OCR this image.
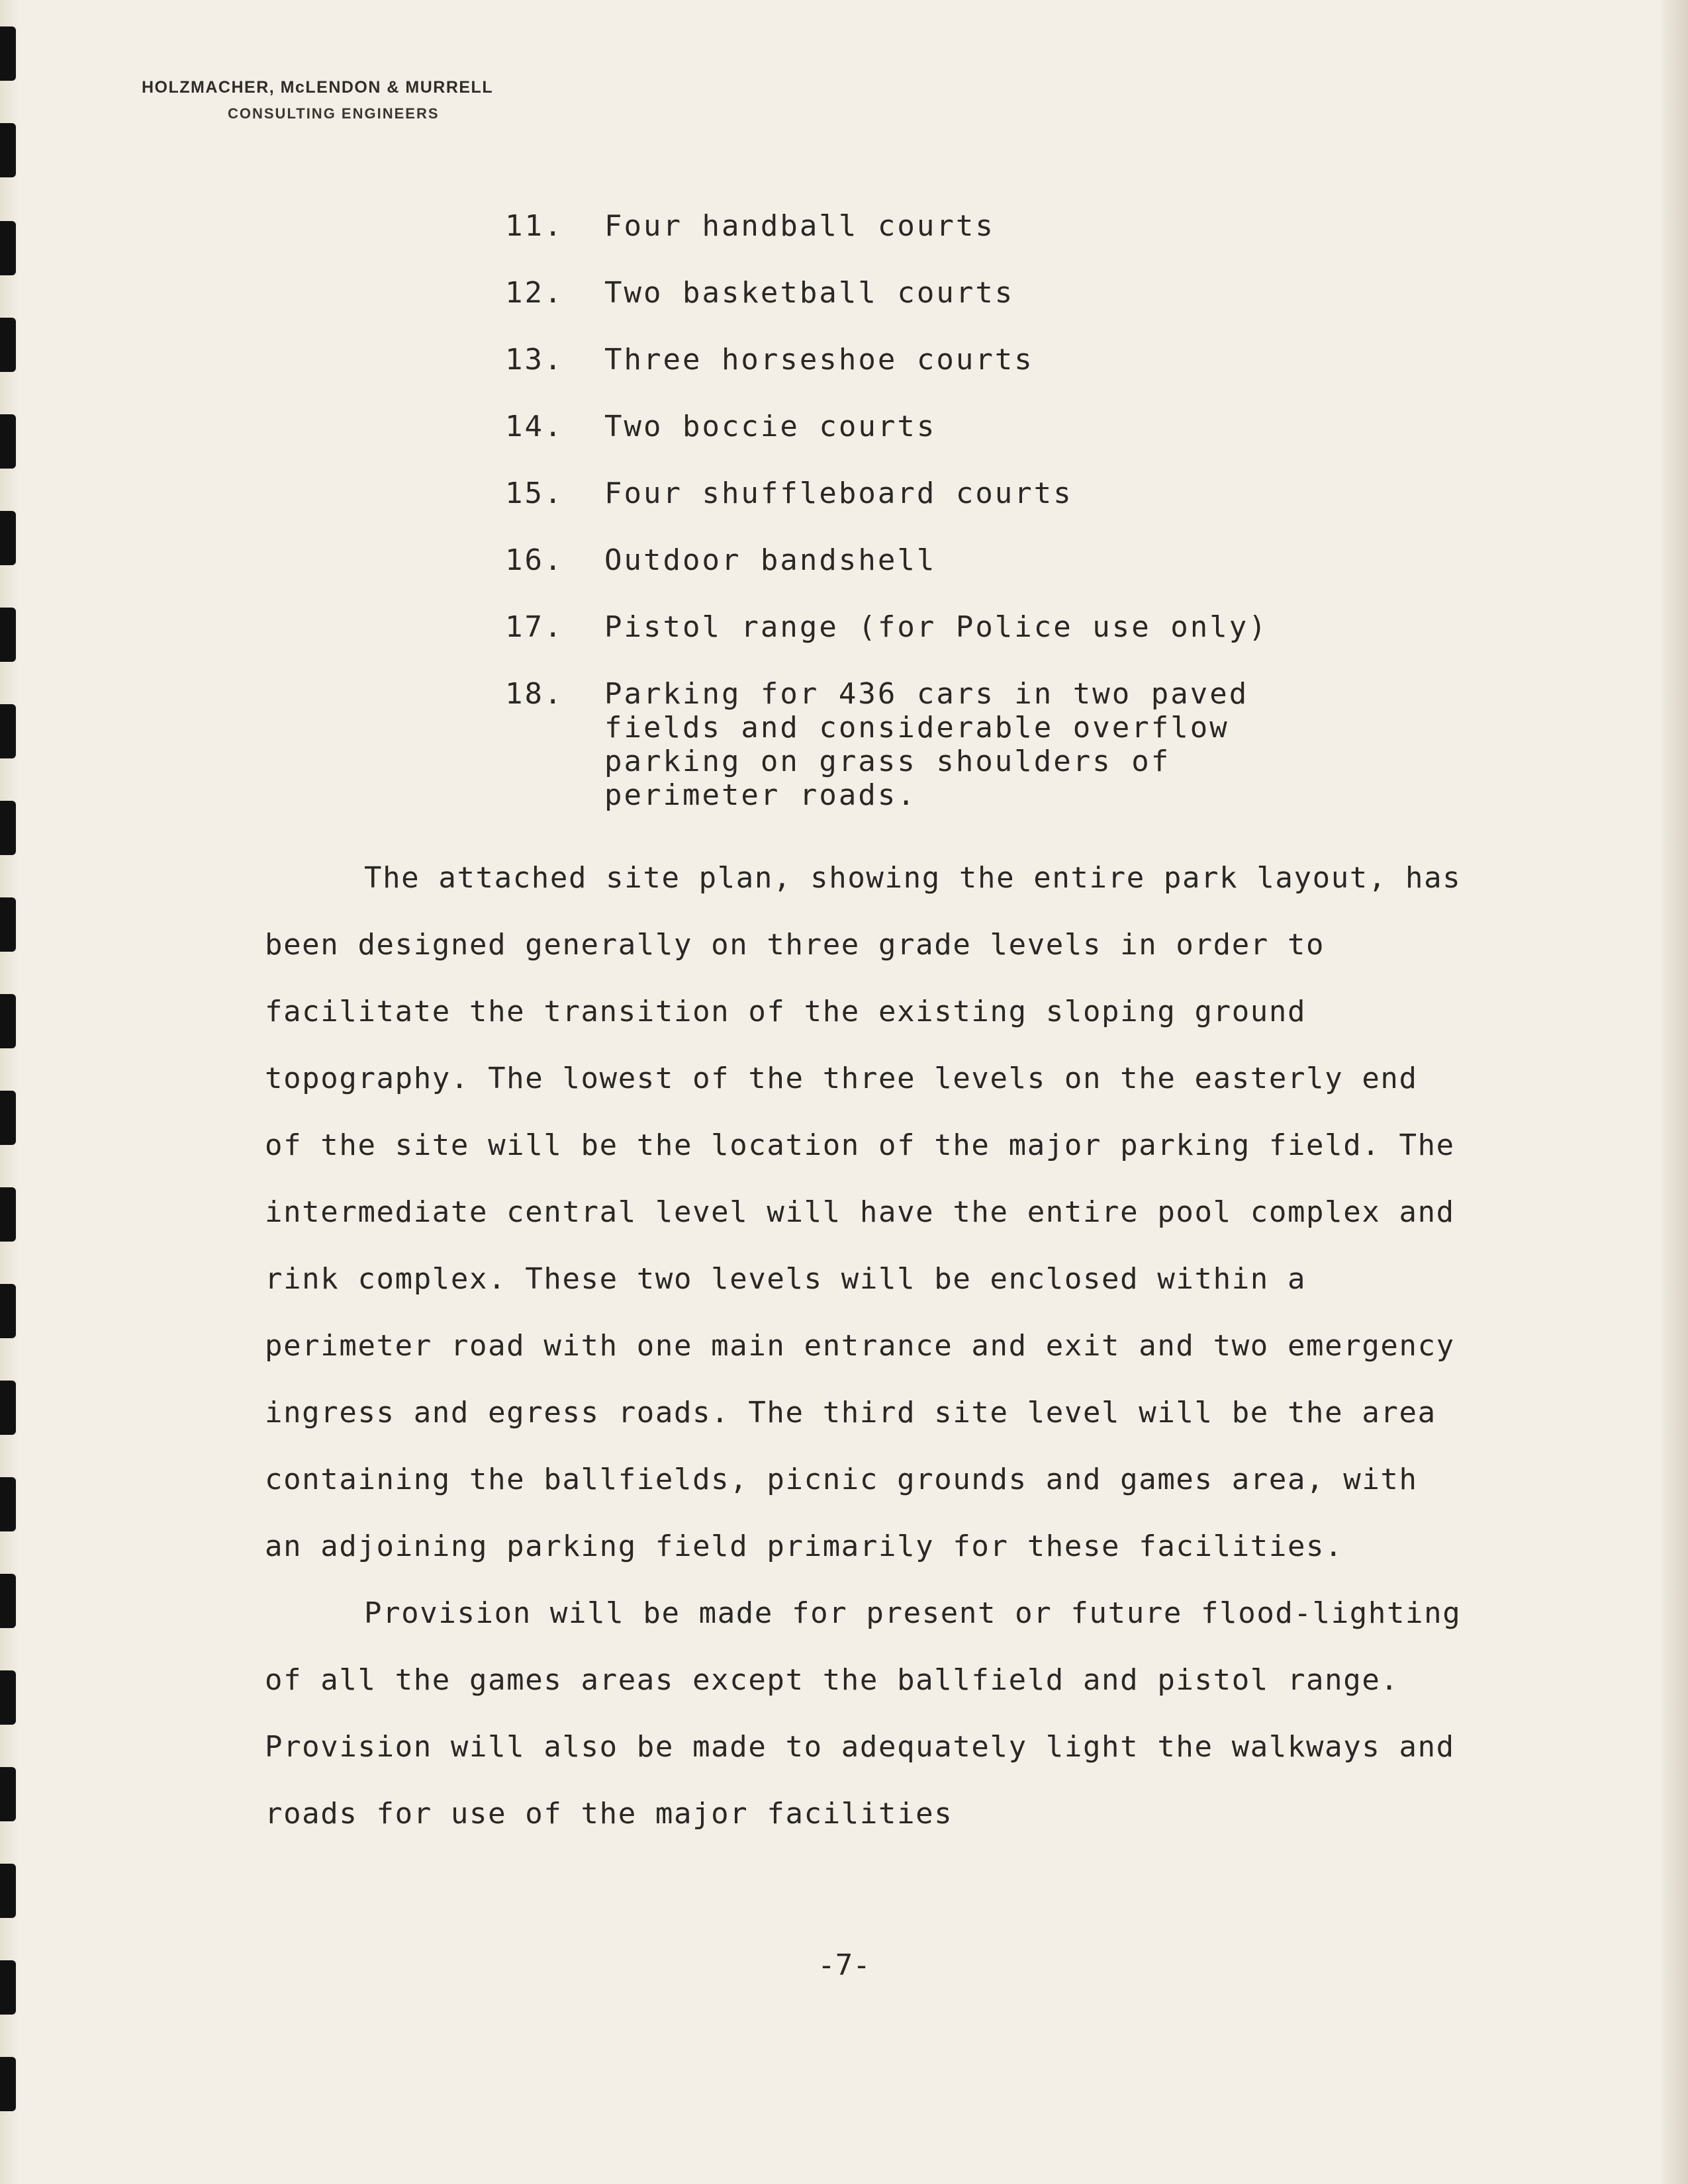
HOLZMACHER, McLENDON & MURRELL
CONSULTING ENGINEERS
11. Four handball courts
12. Two basketball courts
13. Three horseshoe courts
14. Two boccie courts
15. Four shuffleboard courts
16. Outdoor bandshell
17. Pistol range (for Police use only)
18. Parking for 436 cars in two paved fields and considerable overflow parking on grass shoulders of perimeter roads.

The attached site plan, showing the entire park layout, has been designed generally on three grade levels in order to facilitate the transition of the existing sloping ground topography. The lowest of the three levels on the easterly end of the site will be the location of the major parking field. The intermediate central level will have the entire pool complex and rink complex. These two levels will be enclosed within a perimeter road with one main entrance and exit and two emergency ingress and egress roads. The third site level will be the area containing the ballfields, picnic grounds and games area, with an adjoining parking field primarily for these facilities.

Provision will be made for present or future flood-lighting of all the games areas except the ballfield and pistol range. Provision will also be made to adequately light the walkways and roads for use of the major facilities

-7-
